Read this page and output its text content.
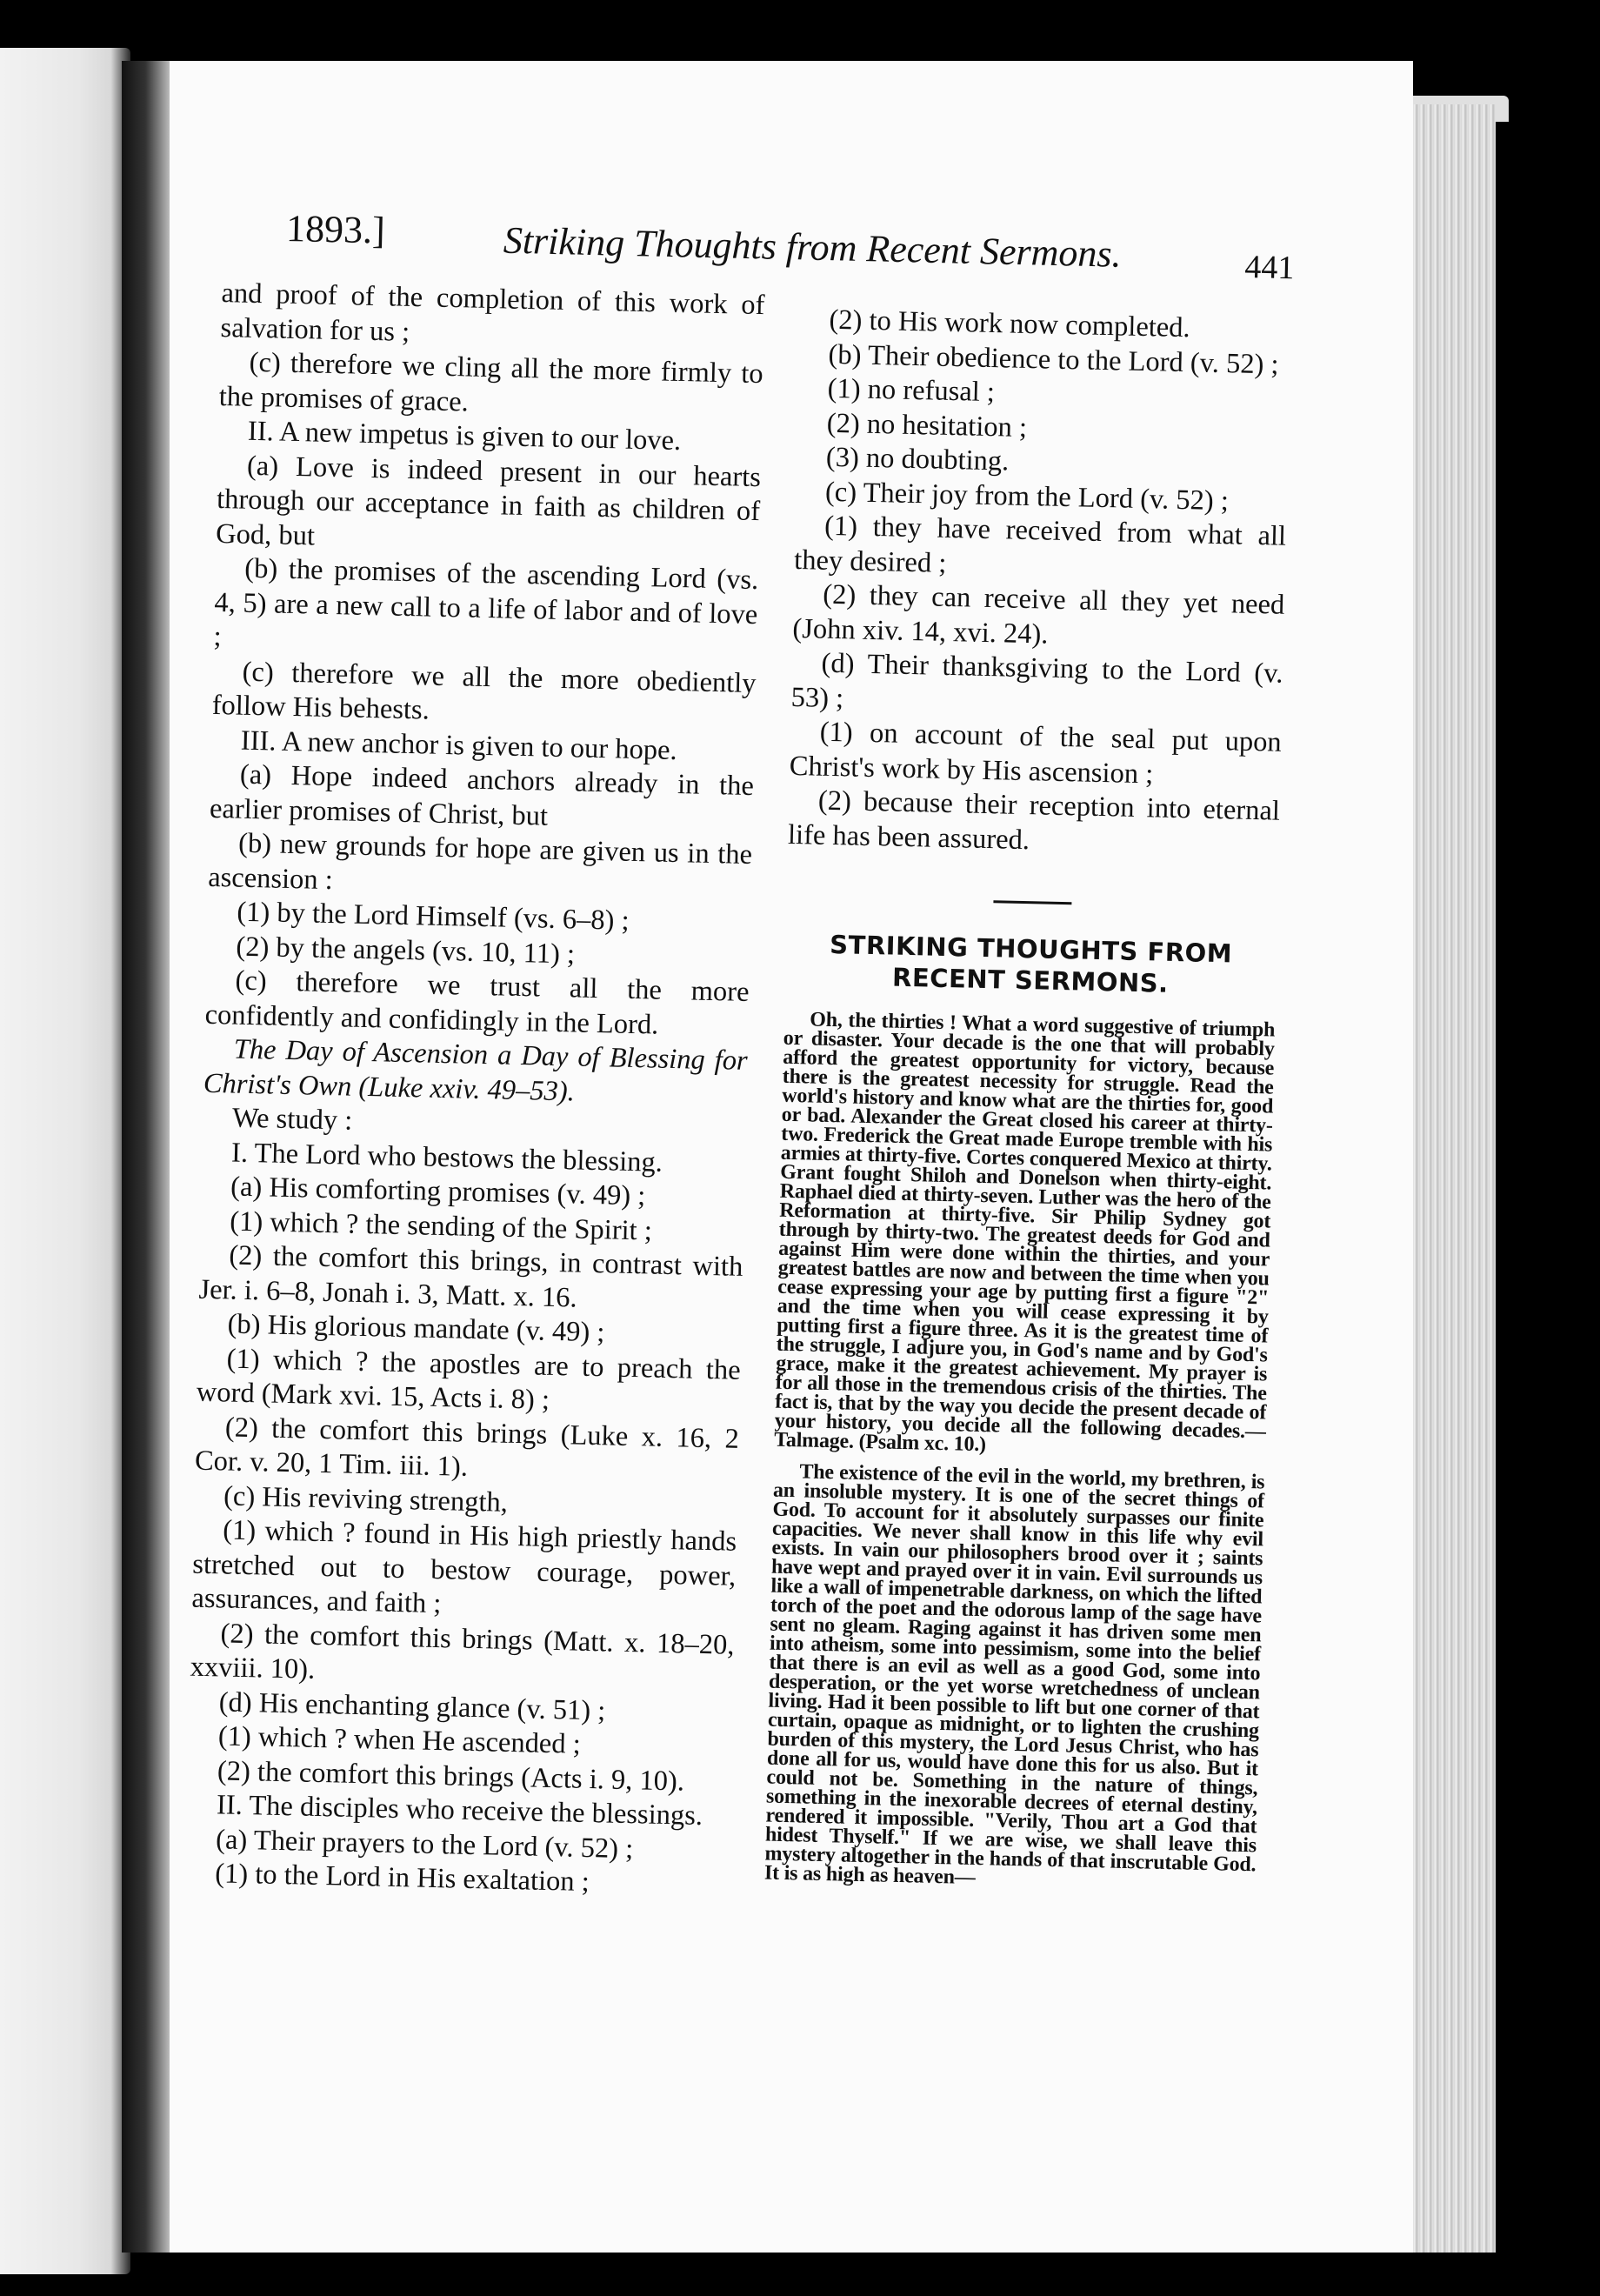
1893.]	Striking Thoughts from Recent Sermons.	441

and proof of the completion of this work of salvation for us ;

(c) therefore we cling all the more firmly to the promises of grace.

II. A new impetus is given to our love.

(a) Love is indeed present in our hearts through our acceptance in faith as children of God, but

(b) the promises of the ascending Lord (vs. 4, 5) are a new call to a life of labor and of love ;

(c) therefore we all the more obediently follow His behests.

III. A new anchor is given to our hope.

(a) Hope indeed anchors already in the earlier promises of Christ, but

(b) new grounds for hope are given us in the ascension :

(1) by the Lord Himself (vs. 6–8) ;

(2) by the angels (vs. 10, 11) ;

(c) therefore we trust all the more confidently and confidingly in the Lord.

The Day of Ascension a Day of Blessing for Christ's Own (Luke xxiv. 49–53).

We study :

I. The Lord who bestows the blessing.

(a) His comforting promises (v. 49) ;

(1) which ? the sending of the Spirit ;

(2) the comfort this brings, in contrast with Jer. i. 6–8, Jonah i. 3, Matt. x. 16.

(b) His glorious mandate (v. 49) ;

(1) which ? the apostles are to preach the word (Mark xvi. 15, Acts i. 8) ;

(2) the comfort this brings (Luke x. 16, 2 Cor. v. 20, 1 Tim. iii. 1).

(c) His reviving strength,

(1) which ? found in His high priestly hands stretched out to bestow courage, power, assurances, and faith ;

(2) the comfort this brings (Matt. x. 18–20, xxviii. 10).

(d) His enchanting glance (v. 51) ;

(1) which ? when He ascended ;

(2) the comfort this brings (Acts i. 9, 10).

II. The disciples who receive the blessings.

(a) Their prayers to the Lord (v. 52) ;

(1) to the Lord in His exaltation ;

(2) to His work now completed.

(b) Their obedience to the Lord (v. 52) ;

(1) no refusal ;

(2) no hesitation ;

(3) no doubting.

(c) Their joy from the Lord (v. 52) ;

(1) they have received from what all they desired ;

(2) they can receive all they yet need (John xiv. 14, xvi. 24).

(d) Their thanksgiving to the Lord (v. 53) ;

(1) on account of the seal put upon Christ's work by His ascension ;

(2) because their reception into eternal life has been assured.

STRIKING THOUGHTS FROM RECENT SERMONS.

Oh, the thirties ! What a word suggestive of triumph or disaster. Your decade is the one that will probably afford the greatest opportunity for victory, because there is the greatest necessity for struggle. Read the world's history and know what are the thirties for, good or bad. Alexander the Great closed his career at thirty-two. Frederick the Great made Europe tremble with his armies at thirty-five. Cortes conquered Mexico at thirty. Grant fought Shiloh and Donelson when thirty-eight. Raphael died at thirty-seven. Luther was the hero of the Reformation at thirty-five. Sir Philip Sydney got through by thirty-two. The greatest deeds for God and against Him were done within the thirties, and your greatest battles are now and between the time when you cease expressing your age by putting first a figure "2" and the time when you will cease expressing it by putting first a figure three. As it is the greatest time of the struggle, I adjure you, in God's name and by God's grace, make it the greatest achievement. My prayer is for all those in the tremendous crisis of the thirties. The fact is, that by the way you decide the present decade of your history, you decide all the following decades.—Talmage. (Psalm xc. 10.)

The existence of the evil in the world, my brethren, is an insoluble mystery. It is one of the secret things of God. To account for it absolutely surpasses our finite capacities. We never shall know in this life why evil exists. In vain our philosophers brood over it ; saints have wept and prayed over it in vain. Evil surrounds us like a wall of impenetrable darkness, on which the lifted torch of the poet and the odorous lamp of the sage have sent no gleam. Raging against it has driven some men into atheism, some into pessimism, some into the belief that there is an evil as well as a good God, some into desperation, or the yet worse wretchedness of unclean living. Had it been possible to lift but one corner of that curtain, opaque as midnight, or to lighten the crushing burden of this mystery, the Lord Jesus Christ, who has done all for us, would have done this for us also. But it could not be. Something in the nature of things, something in the inexorable decrees of eternal destiny, rendered it impossible. "Verily, Thou art a God that hidest Thyself." If we are wise, we shall leave this mystery altogether in the hands of that inscrutable God. It is as high as heaven—
